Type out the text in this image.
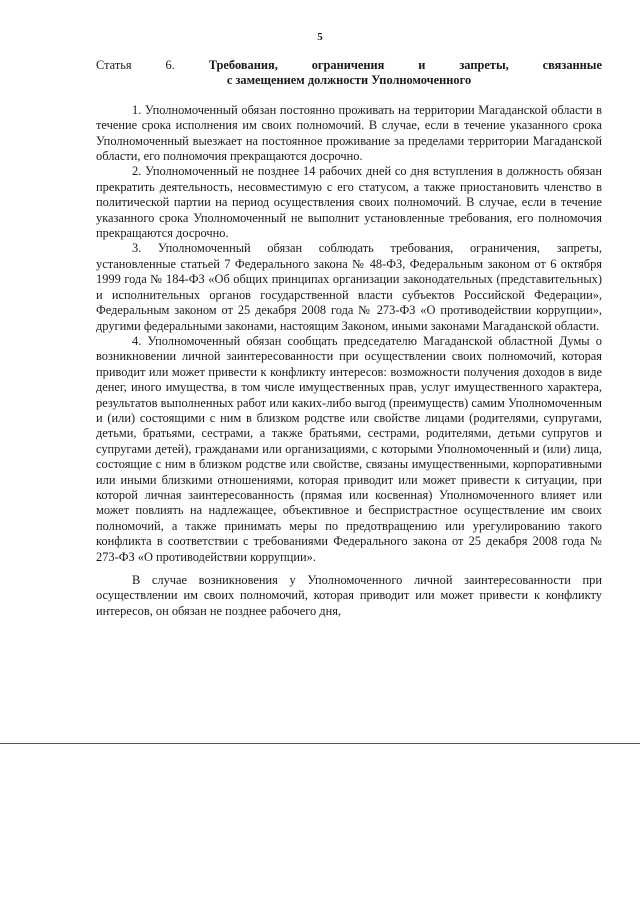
5

Статья 6.	Требования, ограничения и запреты, связанные

с замещением должности Уполномоченного

1. Уполномоченный обязан постоянно проживать на территории Магаданской области в течение срока исполнения им своих полномочий. В случае, если в течение указанного срока Уполномоченный выезжает на постоянное проживание за пределами территории Магаданской области, его полномочия прекращаются досрочно.

2. Уполномоченный не позднее 14 рабочих дней со дня вступления в должность обязан прекратить деятельность, несовместимую с его статусом, а также приостановить членство в политической партии на период осуществления своих полномочий. В случае, если в течение указанного срока Уполномоченный не выполнит установленные требования, его полномочия прекращаются досрочно.

3. Уполномоченный обязан соблюдать требования, ограничения, запреты, установленные статьей 7 Федерального закона № 48-ФЗ, Федеральным законом от 6 октября 1999 года № 184-ФЗ «Об общих принципах организации законодательных (представительных) и исполнительных органов государственной власти субъектов Российской Федерации», Федеральным законом от 25 декабря 2008 года № 273-ФЗ «О противодействии коррупции», другими федеральными законами, настоящим Законом, иными законами Магаданской области.

4. Уполномоченный обязан сообщать председателю Магаданской областной Думы о возникновении личной заинтересованности при осуществлении своих полномочий, которая приводит или может привести к конфликту интересов: возможности получения доходов в виде денег, иного имущества, в том числе имущественных прав, услуг имущественного характера, результатов выполненных работ или каких-либо выгод (преимуществ) самим Уполномоченным и (или) состоящими с ним в близком родстве или свойстве лицами (родителями, супругами, детьми, братьями, сестрами, а также братьями, сестрами, родителями, детьми супругов и супругами детей), гражданами или организациями, с которыми Уполномоченный и (или) лица, состоящие с ним в близком родстве или свойстве, связаны имущественными, корпоративными или иными близкими отношениями, которая приводит или может привести к ситуации, при которой личная заинтересованность (прямая или косвенная) Уполномоченного влияет или может повлиять на надлежащее, объективное и беспристрастное осуществление им своих полномочий, а также принимать меры по предотвращению или урегулированию такого конфликта в соответствии с требованиями Федерального закона от 25 декабря 2008 года № 273-ФЗ «О противодействии коррупции».

В случае возникновения у Уполномоченного личной заинтересованности при осуществлении им своих полномочий, которая приводит или может привести к конфликту интересов, он обязан не позднее рабочего дня,
